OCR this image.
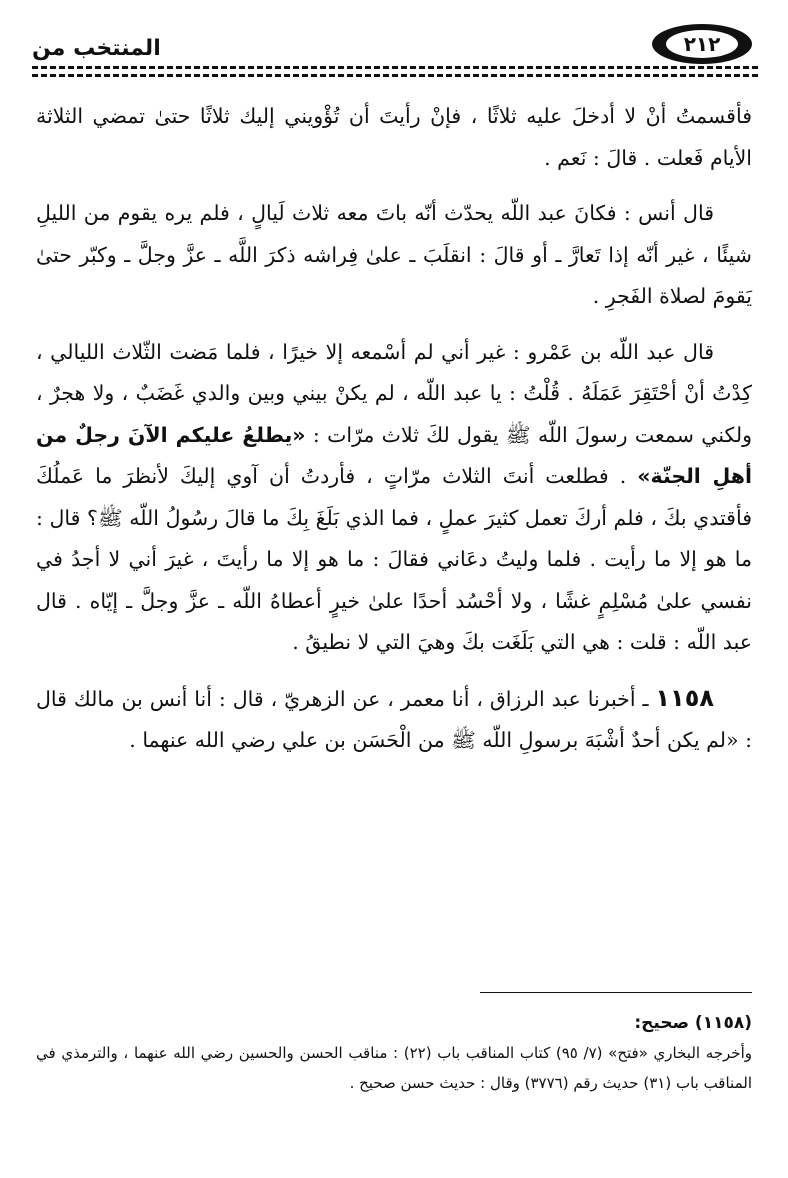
٢١٢
المنتخب من

فأقسمتُ أنْ لا أدخلَ عليه ثلاثًا ، فإنْ رأيتَ أن تُؤْويني إليك ثلاثًا حتىٰ تمضي الثلاثة الأيام فَعلت . قالَ : نَعم .

قال أنس : فكانَ عبد اللّه يحدّث أنّه باتَ معه ثلاث لَيالٍ ، فلم يره يقوم من الليلِ شيئًا ، غير أنّه إذا تَعارَّ ـ أو قالَ : انقلَبَ ـ علىٰ فِراشه ذكرَ اللَّه ـ عزَّ وجلَّ ـ وكبّر حتىٰ يَقومَ لصلاة الفَجرِ .

قال عبد اللّه بن عَمْرو : غير أني لم أسْمعه إلا خيرًا ، فلما مَضت الثّلاث الليالي ، كِدْتُ أنْ أحْتَقِرَ عَمَلَهُ . قُلْتُ : يا عبد اللّه ، لم يكنْ بيني وبين والدي غَضَبٌ ، ولا هجرٌ ، ولكني سمعت رسولَ اللّه ﷺ يقول لكَ ثلاث مرّات : «يطلعُ عليكم الآنَ رجلٌ من أهلِ الجنّة» . فطلعت أنتَ الثلاث مرّاتٍ ، فأردتُ أن آوي إليكَ لأنظرَ ما عَملُكَ فأقتدي بكَ ، فلم أركَ تعمل كثيرَ عملٍ ، فما الذي بَلَغَ بِكَ ما قالَ رسُولُ اللّه ﷺ؟ قال : ما هو إلا ما رأيت . فلما وليتُ دعَاني فقالَ : ما هو إلا ما رأيتَ ، غيرَ أني لا أجدُ في نفسي علىٰ مُسْلِمٍ غشًا ، ولا أحْسُد أحدًا علىٰ خيرٍ أعطاهُ اللّه ـ عزَّ وجلَّ ـ إيّاه . قال عبد اللّه : قلت : هي التي بَلَغَت بكَ وهيَ التي لا نطيقُ .

١١٥٨ ـ أخبرنا عبد الرزاق ، أنا معمر ، عن الزهريّ ، قال : أنا أنس بن مالك قال : «لم يكن أحدٌ أشْبَهَ برسولِ اللّه ﷺ من الْحَسَن بن علي رضي الله عنهما .

(١١٥٨) صحيح:
وأخرجه البخاري «فتح» (٧/ ٩٥) كتاب المناقب باب (٢٢) : مناقب الحسن والحسين رضي الله عنهما ، والترمذي في المناقب باب (٣١) حديث رقم (٣٧٧٦) وقال : حديث حسن صحيح .
